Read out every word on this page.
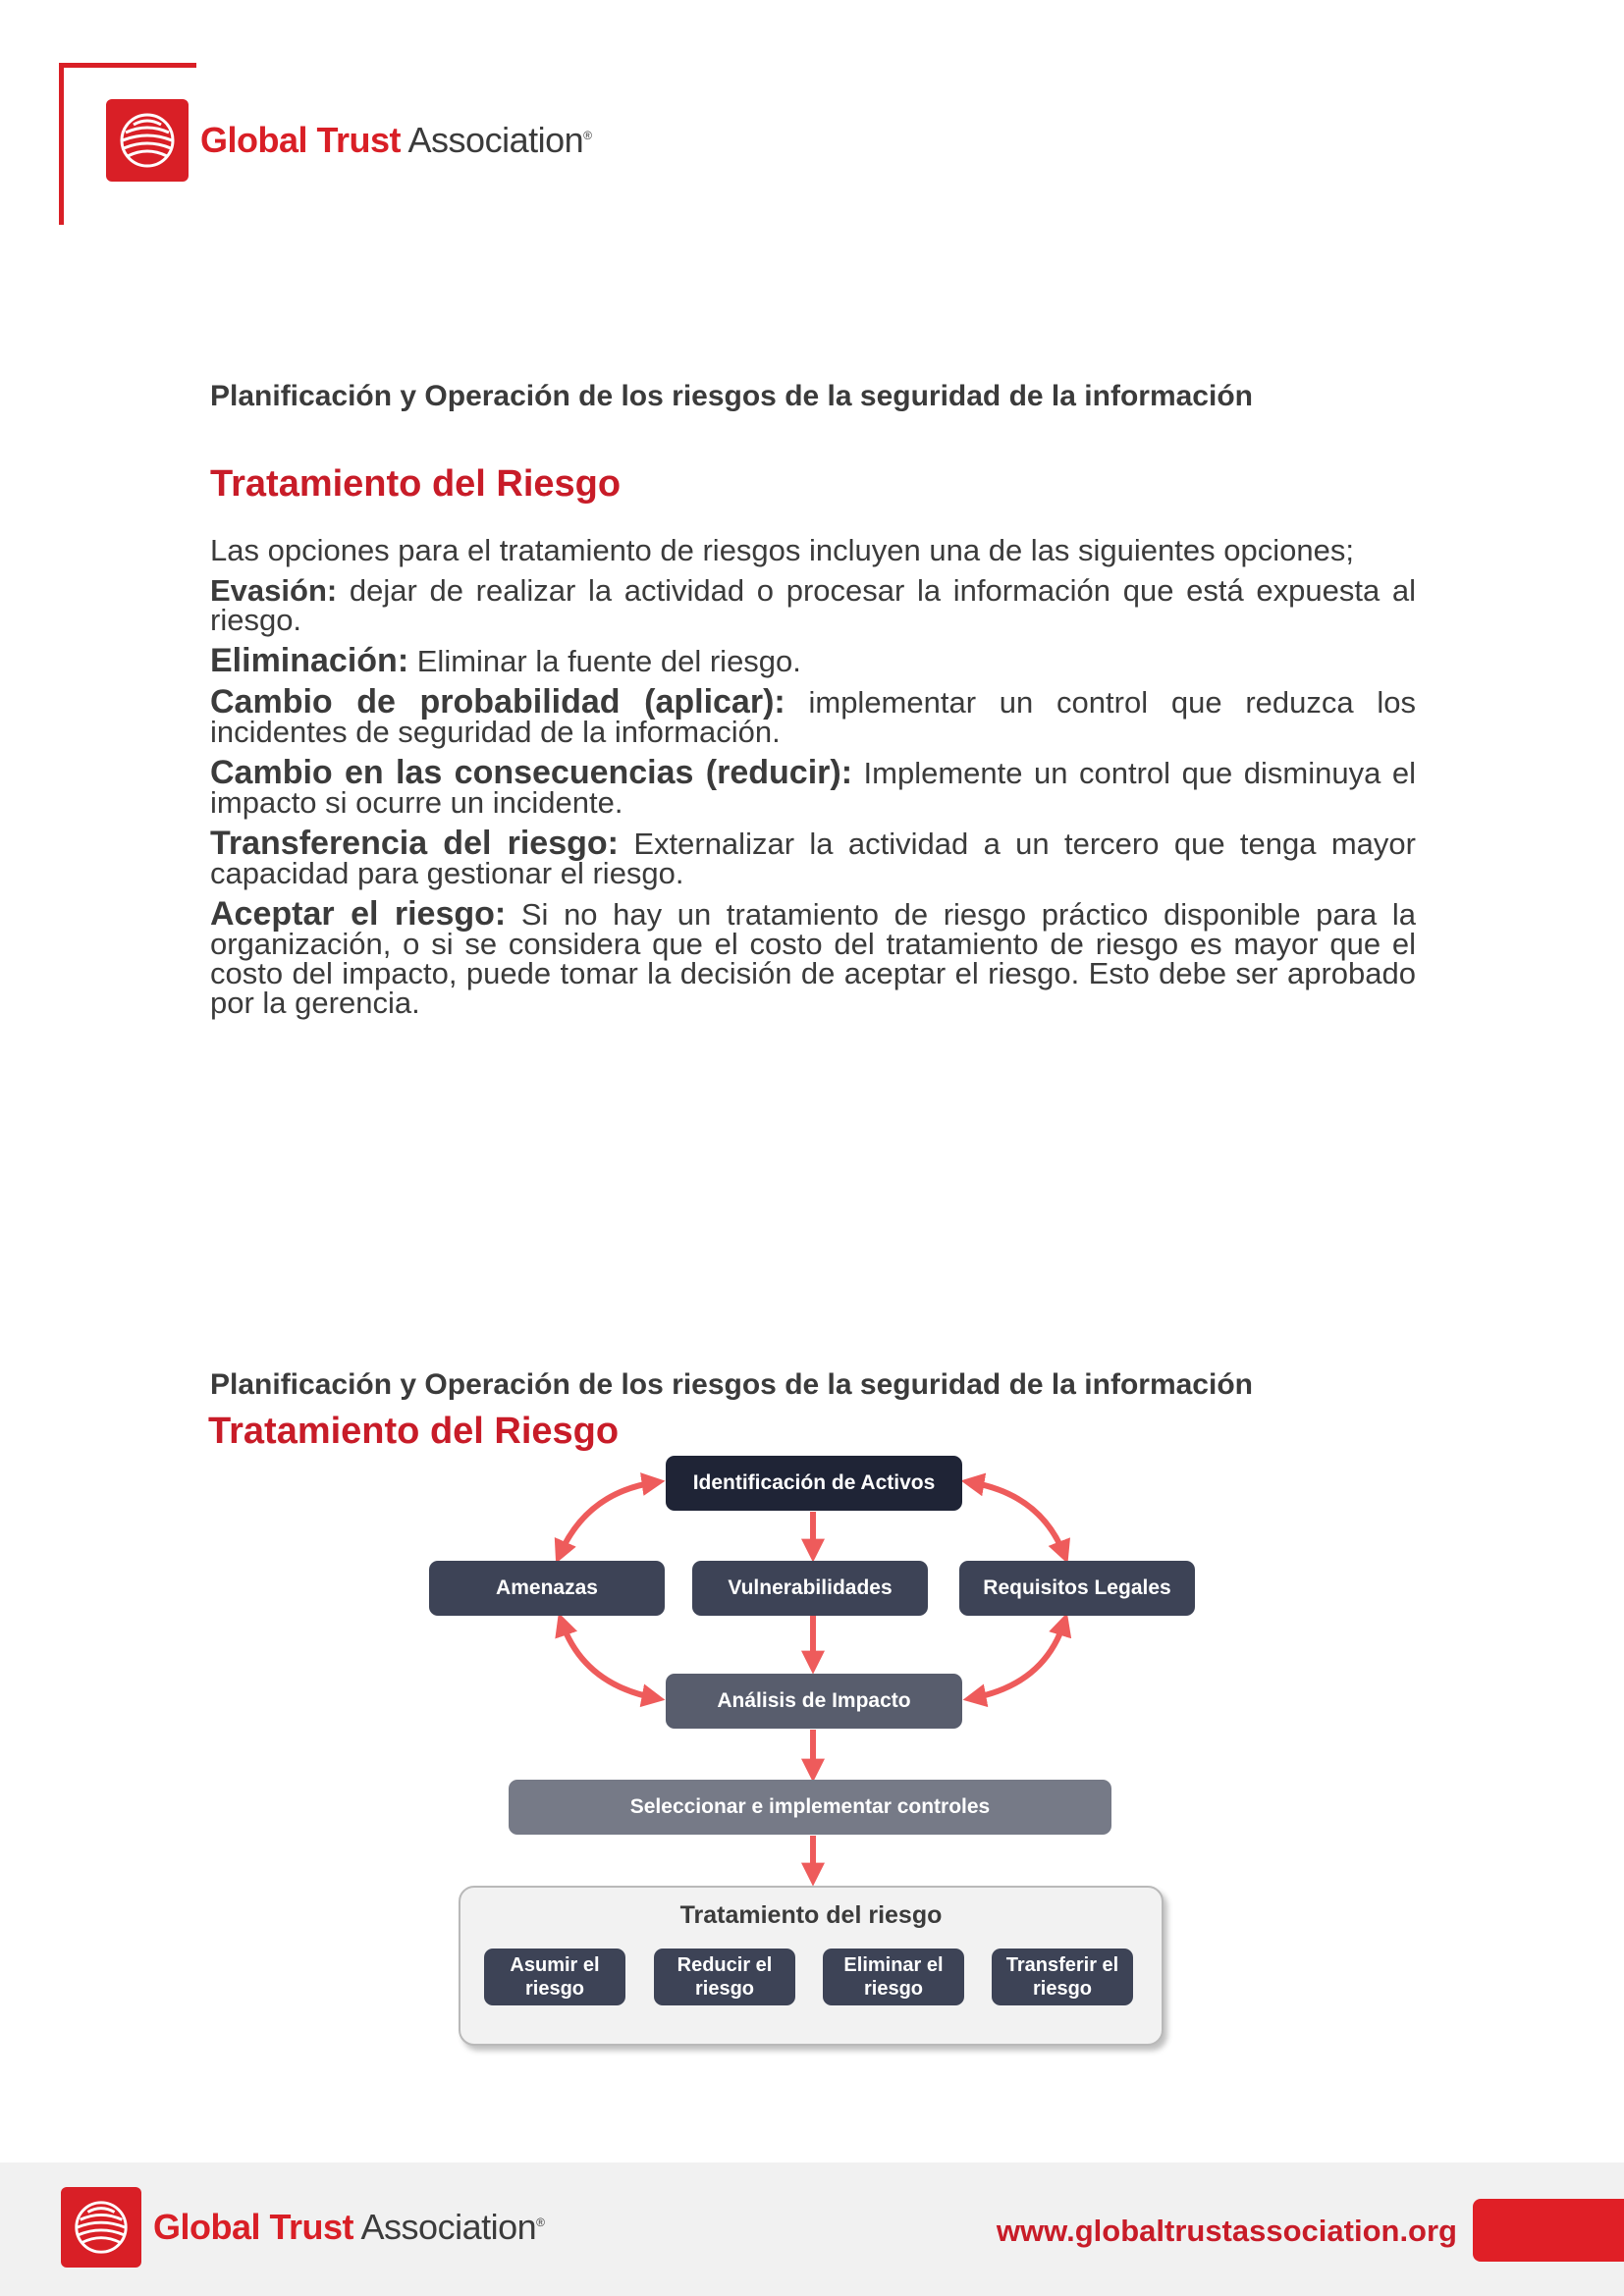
Global Trust Association®
Planificación y Operación de los riesgos de la seguridad de la información
Tratamiento del Riesgo

Las opciones para el tratamiento de riesgos incluyen una de las siguientes opciones;

Evasión: dejar de realizar la actividad o procesar la información que está expuesta al riesgo.

Eliminación: Eliminar la fuente del riesgo.

Cambio de probabilidad (aplicar): implementar un control que reduzca los incidentes de seguridad de la información.

Cambio en las consecuencias (reducir): Implemente un control que disminuya el impacto si ocurre un incidente.

Transferencia del riesgo: Externalizar la actividad a un tercero que tenga mayor capacidad para gestionar el riesgo.

Aceptar el riesgo: Si no hay un tratamiento de riesgo práctico disponible para la organización, o si se considera que el costo del tratamiento de riesgo es mayor que el costo del impacto, puede tomar la decisión de aceptar el riesgo. Esto debe ser aprobado por la gerencia.

Planificación y Operación de los riesgos de la seguridad de la información
Tratamiento del Riesgo
Identificación de Activos
Amenazas	Vulnerabilidades	Requisitos Legales
Análisis de Impacto
Seleccionar e implementar controles
Tratamiento del riesgo
Asumir el riesgo
Reducir el riesgo
Eliminar el riesgo
Transferir el riesgo
Global Trust Association®	www.globaltrustassociation.org
